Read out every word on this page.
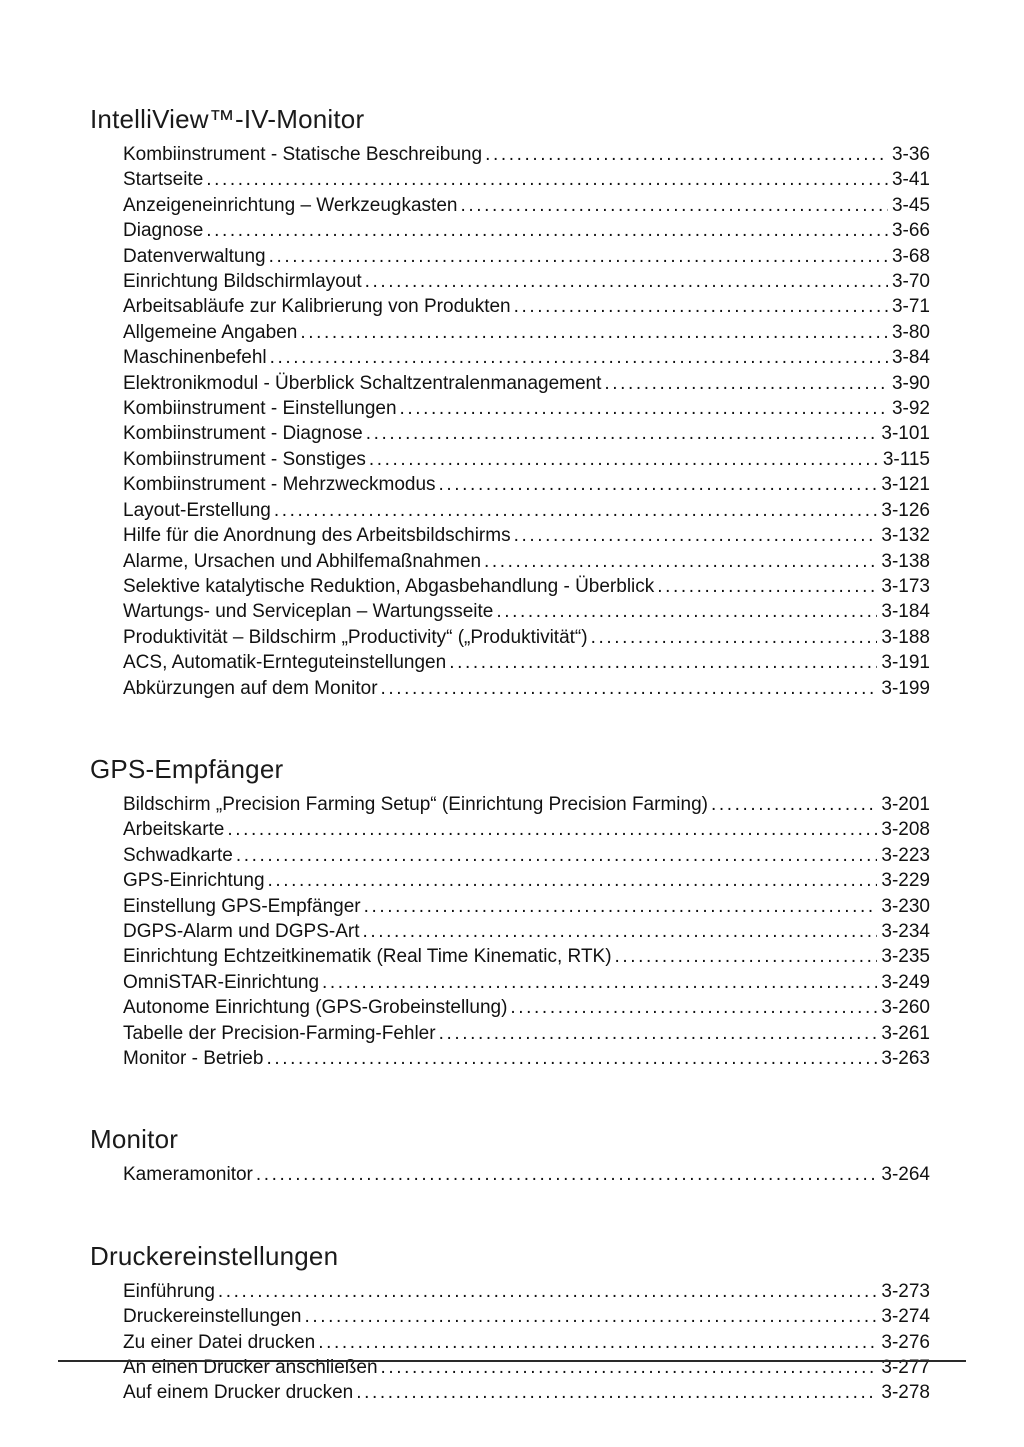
IntelliView™-IV-Monitor
Kombiinstrument - Statische Beschreibung .....	3-36
Startseite .....	3-41
Anzeigeneinrichtung – Werkzeugkasten .....	3-45
Diagnose .....	3-66
Datenverwaltung .....	3-68
Einrichtung Bildschirmlayout .....	3-70
Arbeitsabläufe zur Kalibrierung von Produkten .....	3-71
Allgemeine Angaben .....	3-80
Maschinenbefehl .....	3-84
Elektronikmodul - Überblick Schaltzentralenmanagement .....	3-90
Kombiinstrument - Einstellungen .....	3-92
Kombiinstrument - Diagnose .....	3-101
Kombiinstrument - Sonstiges .....	3-115
Kombiinstrument - Mehrzweckmodus .....	3-121
Layout-Erstellung .....	3-126
Hilfe für die Anordnung des Arbeitsbildschirms .....	3-132
Alarme, Ursachen und Abhilfemaßnahmen .....	3-138
Selektive katalytische Reduktion, Abgasbehandlung - Überblick .....	3-173
Wartungs- und Serviceplan – Wartungsseite .....	3-184
Produktivität – Bildschirm „Productivity“ („Produktivität“) .....	3-188
ACS, Automatik-Ernteguteinstellungen .....	3-191
Abkürzungen auf dem Monitor .....	3-199
GPS-Empfänger
Bildschirm „Precision Farming Setup“ (Einrichtung Precision Farming) .....	3-201
Arbeitskarte .....	3-208
Schwadkarte .....	3-223
GPS-Einrichtung .....	3-229
Einstellung GPS-Empfänger .....	3-230
DGPS-Alarm und DGPS-Art .....	3-234
Einrichtung Echtzeitkinematik (Real Time Kinematic, RTK) .....	3-235
OmniSTAR-Einrichtung .....	3-249
Autonome Einrichtung (GPS-Grobeinstellung) .....	3-260
Tabelle der Precision-Farming-Fehler .....	3-261
Monitor - Betrieb .....	3-263
Monitor
Kameramonitor .....	3-264
Druckereinstellungen
Einführung .....	3-273
Druckereinstellungen .....	3-274
Zu einer Datei drucken .....	3-276
An einen Drucker anschließen .....	3-277
Auf einem Drucker drucken .....	3-278
